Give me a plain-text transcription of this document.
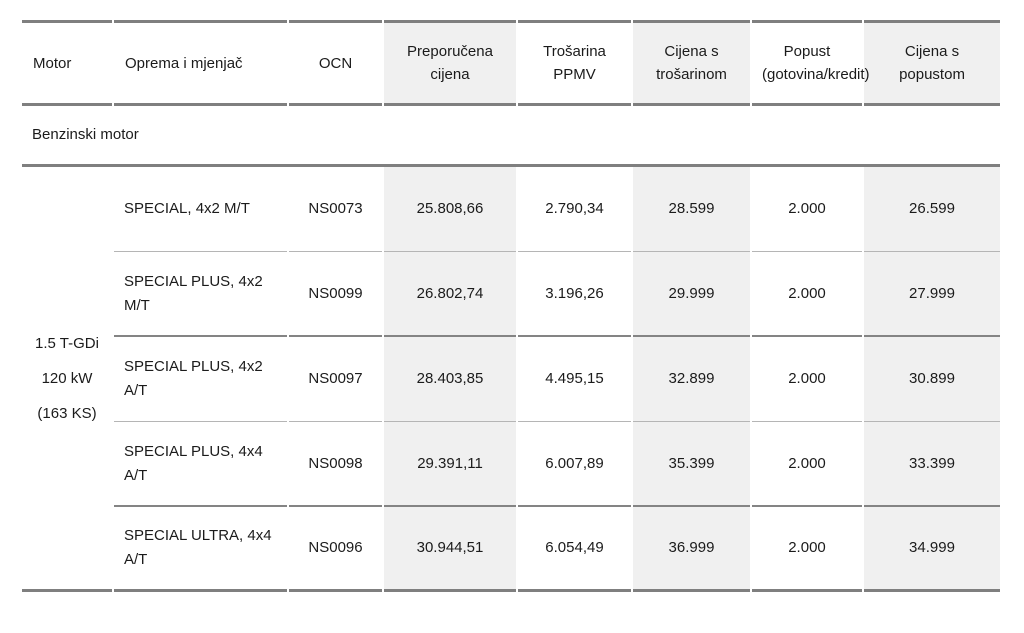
Motor	Oprema i mjenjač	OCN	Preporučena cijena	Trošarina PPMV	Cijena s trošarinom	Popust (gotovina/kredit)	Cijena s popustom
Benzinski motor							

1.5 T-GDi
120 kW
(163 KS)	SPECIAL, 4x2 M/T	NS0073	25.808,66	2.790,34	28.599	2.000	26.599
	SPECIAL PLUS, 4x2 M/T	NS0099	26.802,74	3.196,26	29.999	2.000	27.999
	SPECIAL PLUS, 4x2 A/T	NS0097	28.403,85	4.495,15	32.899	2.000	30.899
	SPECIAL PLUS, 4x4 A/T	NS0098	29.391,11	6.007,89	35.399	2.000	33.399
	SPECIAL ULTRA, 4x4 A/T	NS0096	30.944,51	6.054,49	36.999	2.000	34.999
